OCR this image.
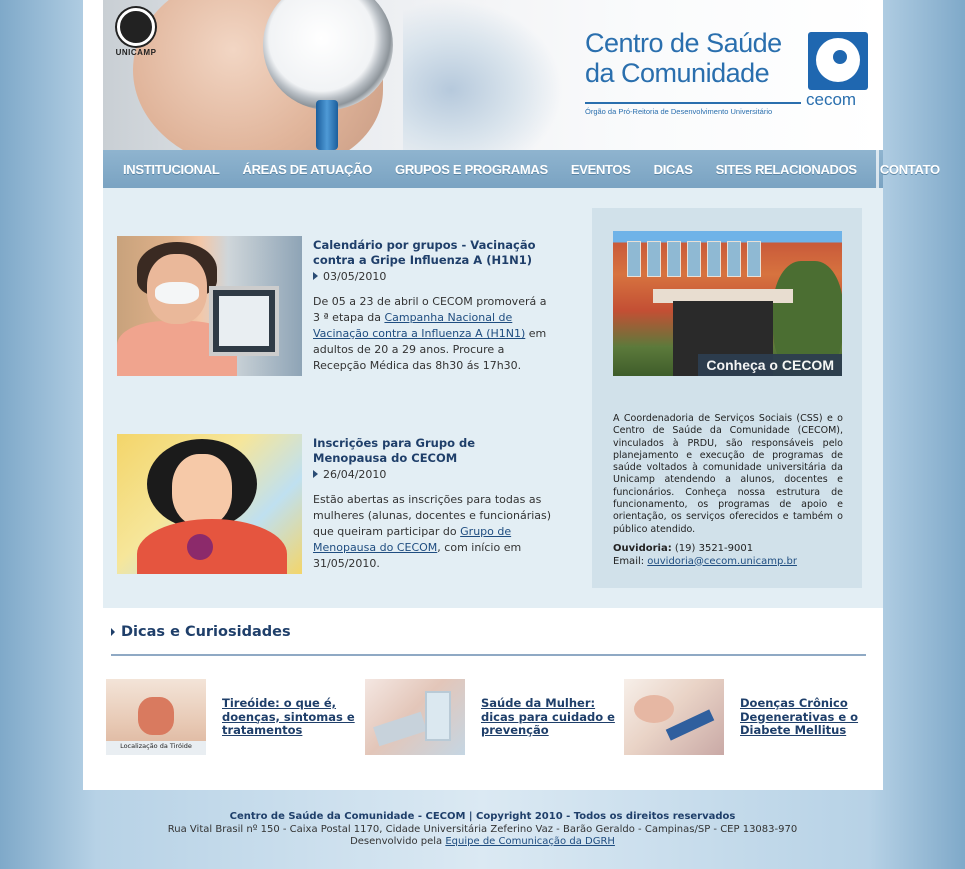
UNICAMP	Centro de Saúde
da Comunidade
Órgão da Pró-Reitoria de Desenvolvimento Universitário
cecom
INSTITUCIONAL ÁREAS DE ATUAÇÃO GRUPOS E PROGRAMAS EVENTOS DICAS SITES RELACIONADOS CONTATO
Calendário por grupos - Vacinação contra a Gripe Influenza A (H1N1)
03/05/2010

De 05 a 23 de abril o CECOM promoverá a 3 ª etapa da Campanha Nacional de Vacinação contra a Influenza A (H1N1) em adultos de 20 a 29 anos. Procure a Recepção Médica das 8h30 ás 17h30.

Inscrições para Grupo de Menopausa do CECOM
26/04/2010

Estão abertas as inscrições para todas as mulheres (alunas, docentes e funcionárias) que queiram participar do Grupo de Menopausa do CECOM, com início em 31/05/2010.

Conheça o CECOM
A Coordenadoria de Serviços Sociais (CSS) e o Centro de Saúde da Comunidade (CECOM), vinculados à PRDU, são responsáveis pelo planejamento e execução de programas de saúde voltados à comunidade universitária da Unicamp atendendo a alunos, docentes e funcionários. Conheça nossa estrutura de funcionamento, os programas de apoio e orientação, os serviços oferecidos e também o público atendido.
Ouvidoria: (19) 3521-9001
Email: ouvidoria@cecom.unicamp.br
Dicas e Curiosidades
Localização da Tiróide
Tireóide: o que é, doenças, sintomas e tratamentos
Saúde da Mulher: dicas para cuidado e prevenção
Doenças Crônico Degenerativas e o Diabete Mellitus
Centro de Saúde da Comunidade - CECOM | Copyright 2010 - Todos os direitos reservados
Rua Vital Brasil nº 150 - Caixa Postal 1170, Cidade Universitária Zeferino Vaz - Barão Geraldo - Campinas/SP - CEP 13083-970
Desenvolvido pela Equipe de Comunicação da DGRH
